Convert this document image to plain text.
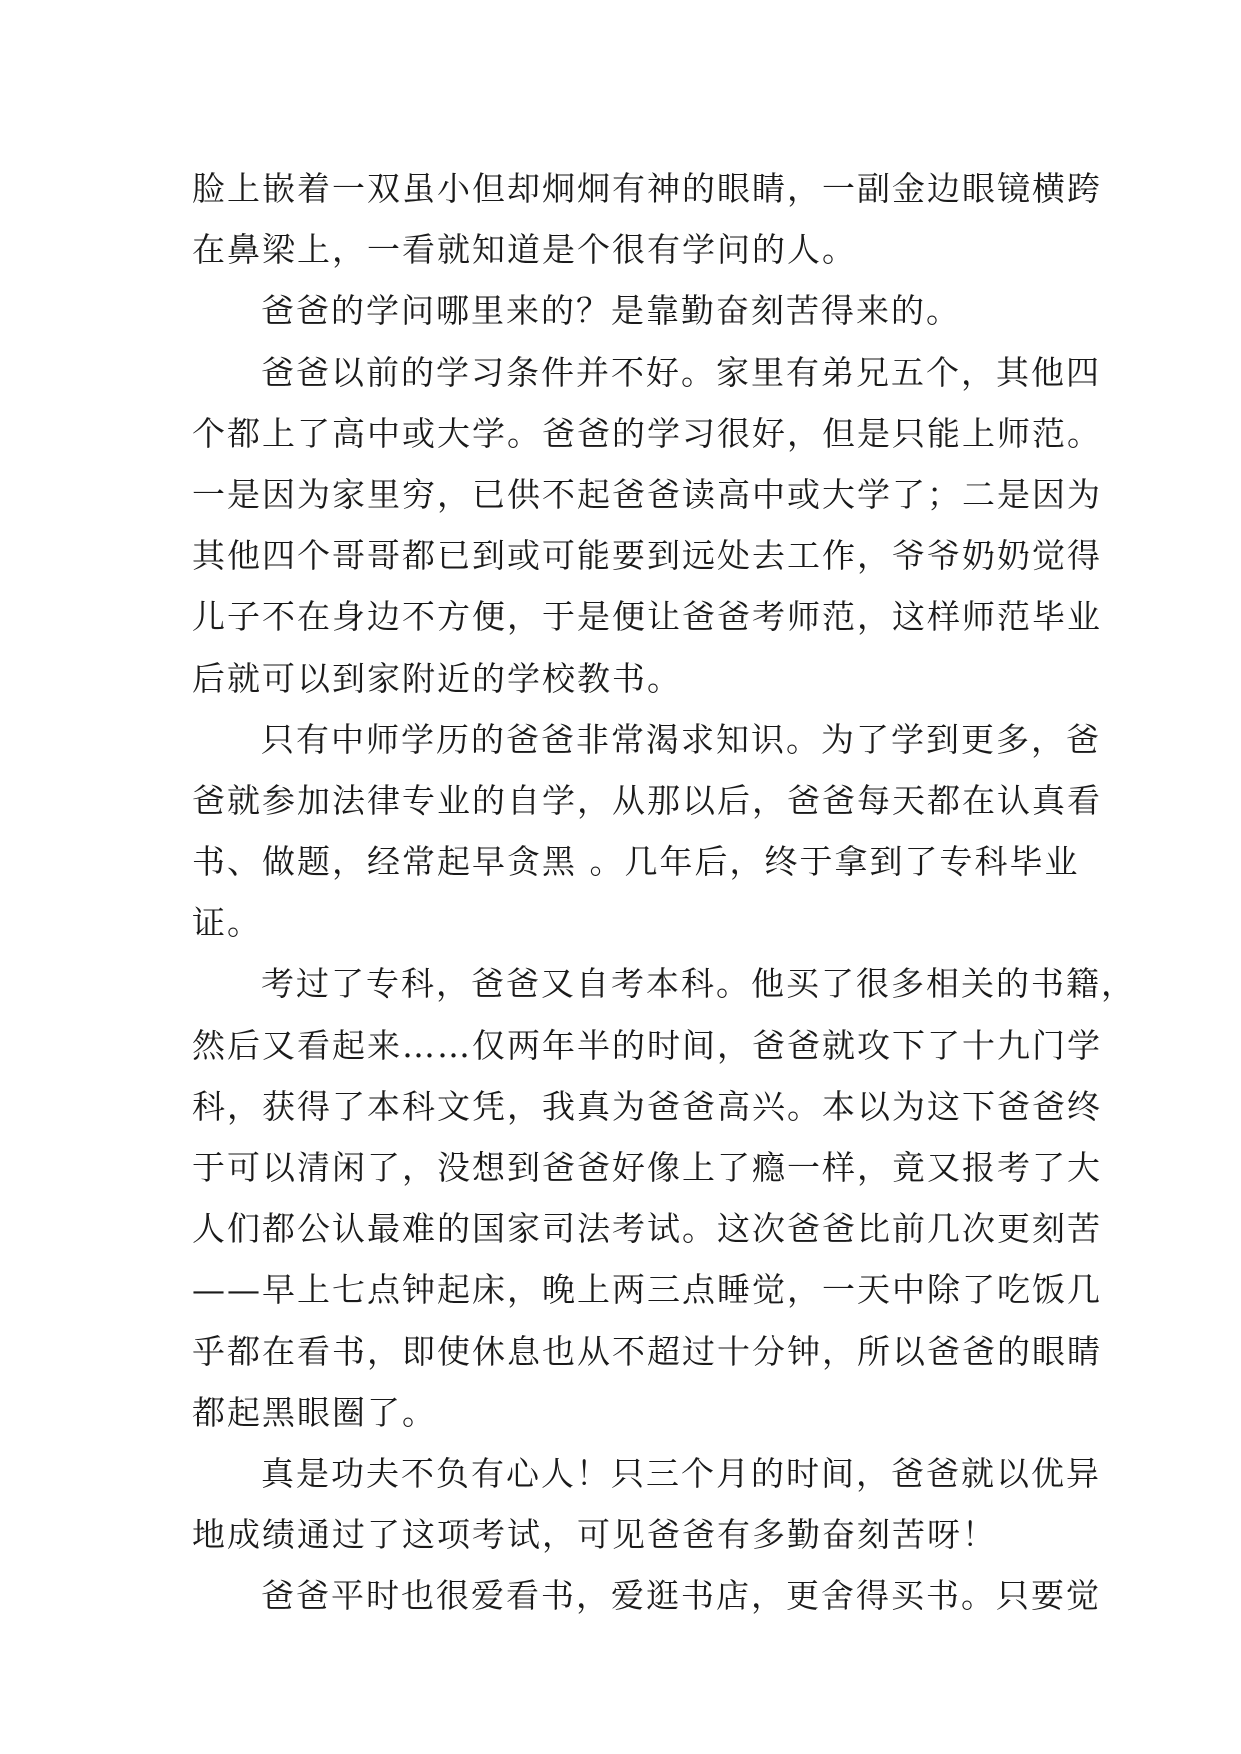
脸上嵌着一双虽小但却炯炯有神的眼睛，一副金边眼镜横跨
在鼻梁上，一看就知道是个很有学问的人。
爸爸的学问哪里来的？是靠勤奋刻苦得来的。
爸爸以前的学习条件并不好。家里有弟兄五个，其他四
个都上了高中或大学。爸爸的学习很好，但是只能上师范。
一是因为家里穷，已供不起爸爸读高中或大学了；二是因为
其他四个哥哥都已到或可能要到远处去工作，爷爷奶奶觉得
儿子不在身边不方便，于是便让爸爸考师范，这样师范毕业
后就可以到家附近的学校教书。
只有中师学历的爸爸非常渴求知识。为了学到更多，爸
爸就参加法律专业的自学，从那以后，爸爸每天都在认真看
书、做题，经常起早贪黑 。几年后，终于拿到了专科毕业
证。
考过了专科，爸爸又自考本科。他买了很多相关的书籍，
然后又看起来……仅两年半的时间，爸爸就攻下了十九门学
科，获得了本科文凭，我真为爸爸高兴。本以为这下爸爸终
于可以清闲了，没想到爸爸好像上了瘾一样，竟又报考了大
人们都公认最难的国家司法考试。这次爸爸比前几次更刻苦
——早上七点钟起床，晚上两三点睡觉，一天中除了吃饭几
乎都在看书，即使休息也从不超过十分钟，所以爸爸的眼睛
都起黑眼圈了。
真是功夫不负有心人！只三个月的时间，爸爸就以优异
地成绩通过了这项考试，可见爸爸有多勤奋刻苦呀！
爸爸平时也很爱看书，爱逛书店，更舍得买书。只要觉
